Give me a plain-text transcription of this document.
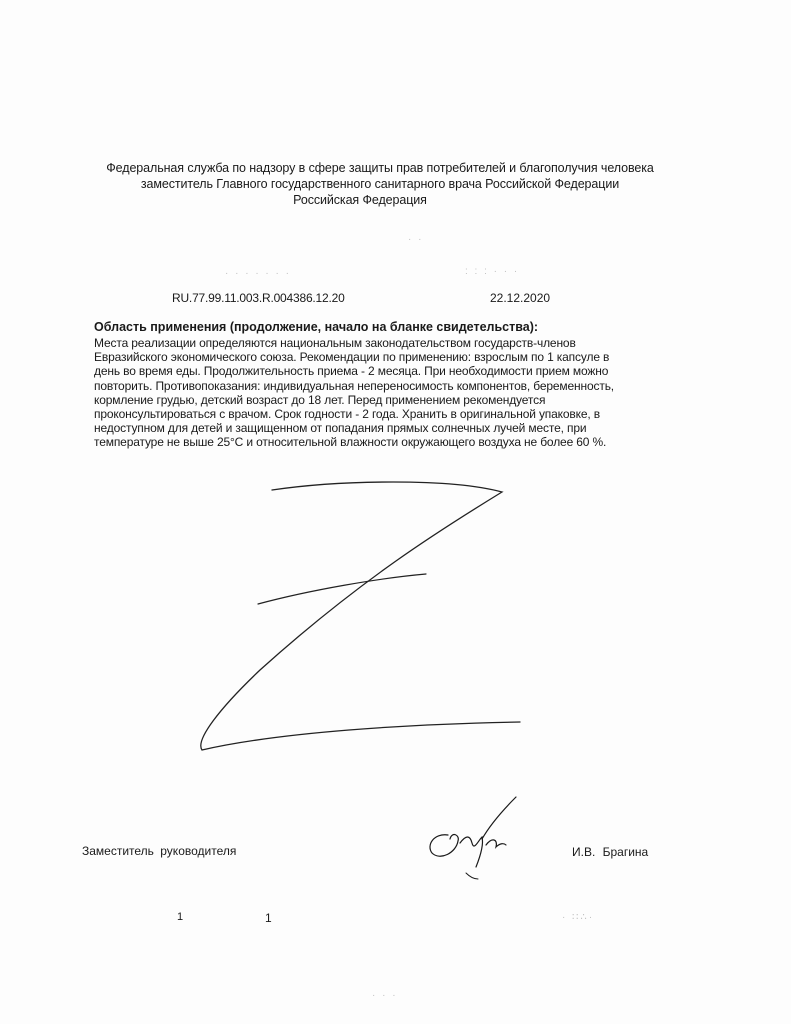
Федеральная служба по надзору в сфере защиты прав потребителей и благополучия человека
заместитель Главного государственного санитарного врача Российской Федерации
Российская Федерация
· ·
· · · · · · ·	: : : · · ·
RU.77.99.11.003.R.004386.12.20	22.12.2020
Область применения (продолжение, начало на бланке свидетельства):
Места реализации определяются национальным законодательством государств-членов
Евразийского экономического союза. Рекомендации по применению: взрослым по 1 капсуле в
день во время еды. Продолжительность приема - 2 месяца. При необходимости прием можно
повторить. Противопоказания: индивидуальная непереносимость компонентов, беременность,
кормление грудью, детский возраст до 18 лет. Перед применением рекомендуется
проконсультироваться с врачом. Срок годности - 2 года. Хранить в оригинальной упаковке, в
недоступном для детей и защищенном от попадания прямых солнечных лучей месте, при
температуре не выше 25°С и относительной влажности окружающего воздуха не более 60 %.
Заместитель руководителя	И.В. Брагина
1	1	· ∷∴·
· · ·
